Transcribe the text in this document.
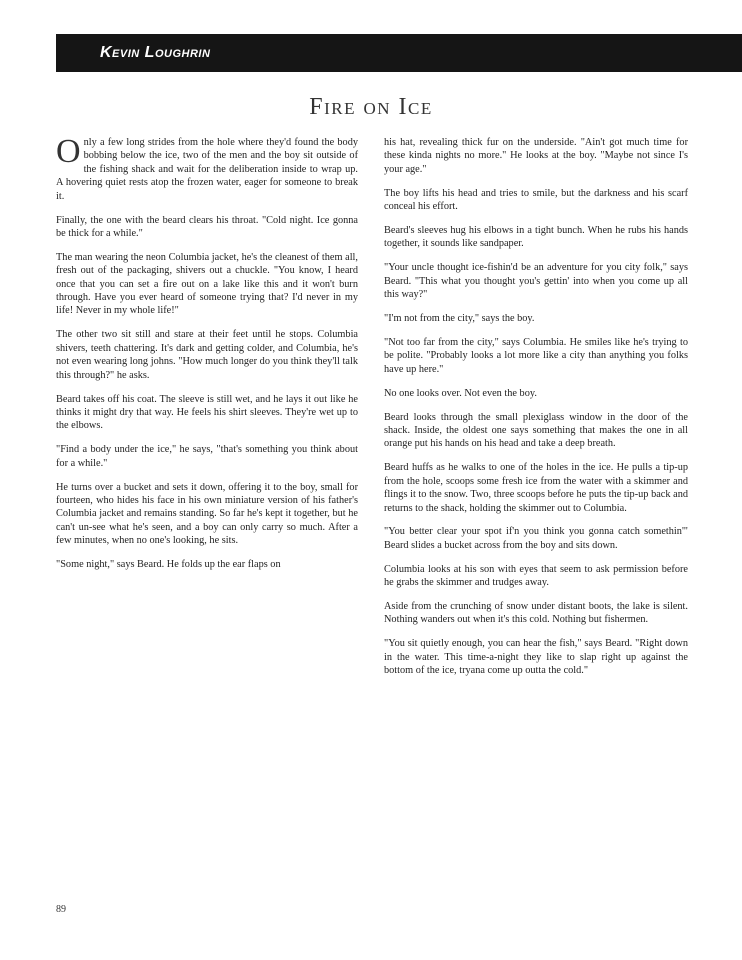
Kevin Loughrin
Fire on Ice

Only a few long strides from the hole where they'd found the body bobbing below the ice, two of the men and the boy sit outside of the fishing shack and wait for the deliberation inside to wrap up. A hovering quiet rests atop the frozen water, eager for someone to break it.

Finally, the one with the beard clears his throat. "Cold night. Ice gonna be thick for a while."

The man wearing the neon Columbia jacket, he's the cleanest of them all, fresh out of the packaging, shivers out a chuckle. "You know, I heard once that you can set a fire out on a lake like this and it won't burn through. Have you ever heard of someone trying that? I'd never in my life! Never in my whole life!"

The other two sit still and stare at their feet until he stops. Columbia shivers, teeth chattering. It's dark and getting colder, and Columbia, he's not even wearing long johns. "How much longer do you think they'll talk this through?" he asks.

Beard takes off his coat. The sleeve is still wet, and he lays it out like he thinks it might dry that way. He feels his shirt sleeves. They're wet up to the elbows.

"Find a body under the ice," he says, "that's something you think about for a while."

He turns over a bucket and sets it down, offering it to the boy, small for fourteen, who hides his face in his own miniature version of his father's Columbia jacket and remains standing. So far he's kept it together, but he can't un-see what he's seen, and a boy can only carry so much. After a few minutes, when no one's looking, he sits.

"Some night," says Beard. He folds up the ear flaps on

his hat, revealing thick fur on the underside. "Ain't got much time for these kinda nights no more." He looks at the boy. "Maybe not since I's your age."

The boy lifts his head and tries to smile, but the darkness and his scarf conceal his effort.

Beard's sleeves hug his elbows in a tight bunch. When he rubs his hands together, it sounds like sandpaper.

"Your uncle thought ice-fishin'd be an adventure for you city folk," says Beard. "This what you thought you's gettin' into when you come up all this way?"

"I'm not from the city," says the boy.

"Not too far from the city," says Columbia. He smiles like he's trying to be polite. "Probably looks a lot more like a city than anything you folks have up here."

No one looks over. Not even the boy.

Beard looks through the small plexiglass window in the door of the shack. Inside, the oldest one says something that makes the one in all orange put his hands on his head and take a deep breath.

Beard huffs as he walks to one of the holes in the ice. He pulls a tip-up from the hole, scoops some fresh ice from the water with a skimmer and flings it to the snow. Two, three scoops before he puts the tip-up back and returns to the shack, holding the skimmer out to Columbia.

"You better clear your spot if'n you think you gonna catch somethin'" Beard slides a bucket across from the boy and sits down.

Columbia looks at his son with eyes that seem to ask permission before he grabs the skimmer and trudges away.

Aside from the crunching of snow under distant boots, the lake is silent. Nothing wanders out when it's this cold. Nothing but fishermen.

"You sit quietly enough, you can hear the fish," says Beard. "Right down in the water. This time-a-night they like to slap right up against the bottom of the ice, tryana come up outta the cold."

89
